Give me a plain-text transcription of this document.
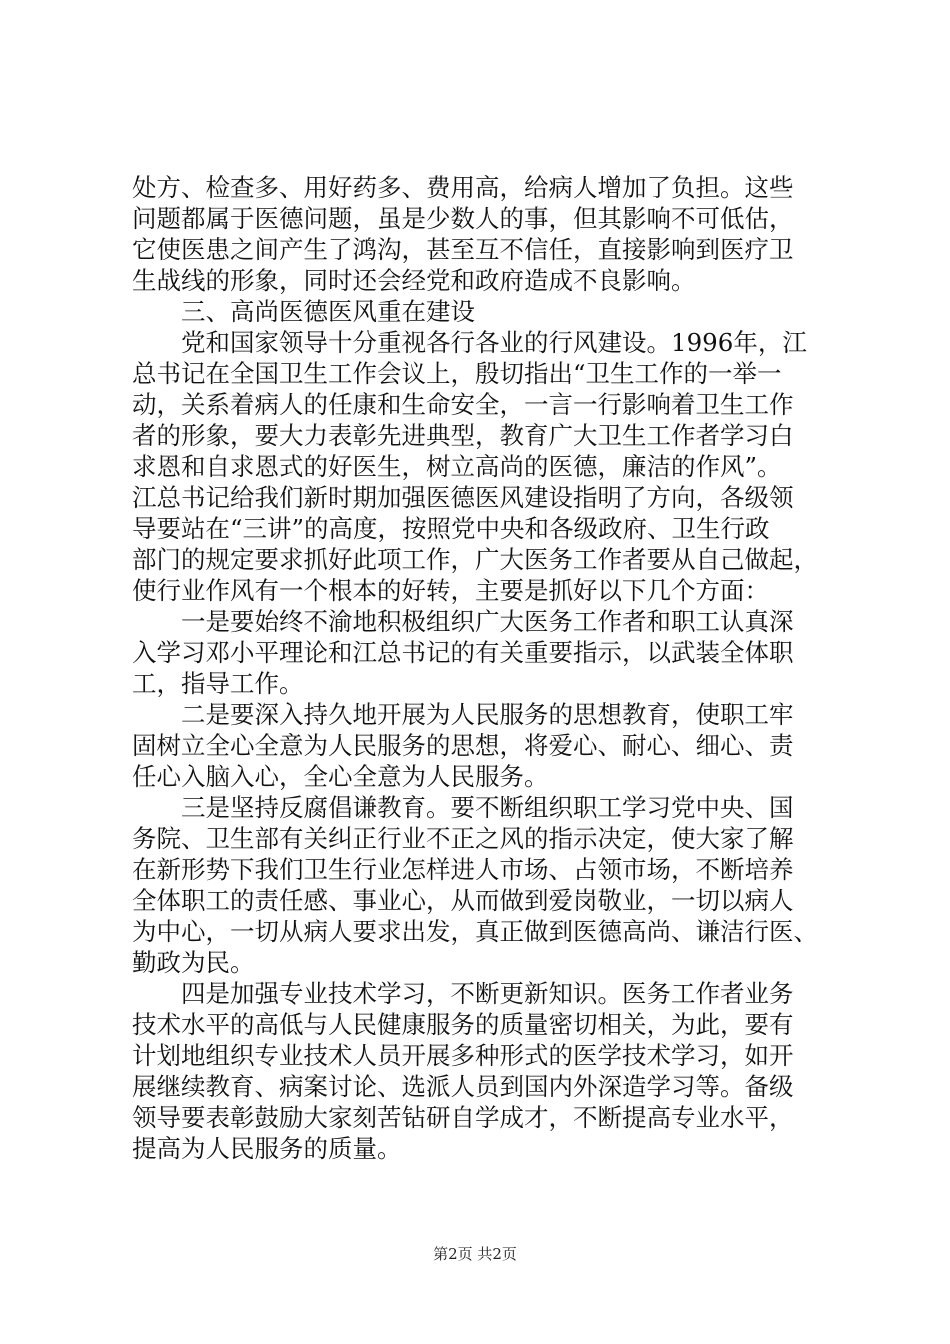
处方、检查多、用好药多、费用高，给病人增加了负担。这些
问题都属于医德问题，虽是少数人的事，但其影响不可低估，
它使医患之间产生了鸿沟，甚至互不信任，直接影响到医疗卫
生战线的形象，同时还会经党和政府造成不良影响。
　　三、高尚医德医风重在建设
　　党和国家领导十分重视各行各业的行风建设。1996年，江
总书记在全国卫生工作会议上，殷切指出“卫生工作的一举一
动，关系着病人的任康和生命安全，一言一行影响着卫生工作
者的形象，要大力表彰先进典型，教育广大卫生工作者学习白
求恩和自求恩式的好医生，树立高尚的医德，廉洁的作风”。
江总书记给我们新时期加强医德医风建设指明了方向，各级领
导要站在“三讲”的高度，按照党中央和各级政府、卫生行政
部门的规定要求抓好此项工作，广大医务工作者要从自己做起，
使行业作风有一个根本的好转，主要是抓好以下几个方面：
　　一是要始终不渝地积极组织广大医务工作者和职工认真深
入学习邓小平理论和江总书记的有关重要指示，以武装全体职
工，指导工作。
　　二是要深入持久地开展为人民服务的思想教育，使职工牢
固树立全心全意为人民服务的思想，将爱心、耐心、细心、责
任心入脑入心，全心全意为人民服务。
　　三是坚持反腐倡谦教育。要不断组织职工学习党中央、国
务院、卫生部有关纠正行业不正之风的指示决定，使大家了解
在新形势下我们卫生行业怎样进人市场、占领市场，不断培养
全体职工的责任感、事业心，从而做到爱岗敬业，一切以病人
为中心，一切从病人要求出发，真正做到医德高尚、谦洁行医、
勤政为民。
　　四是加强专业技术学习，不断更新知识。医务工作者业务
技术水平的高低与人民健康服务的质量密切相关，为此，要有
计划地组织专业技术人员开展多种形式的医学技术学习，如开
展继续教育、病案讨论、选派人员到国内外深造学习等。备级
领导要表彰鼓励大家刻苦钻研自学成才，不断提高专业水平，
提高为人民服务的质量。
第2页 共2页
